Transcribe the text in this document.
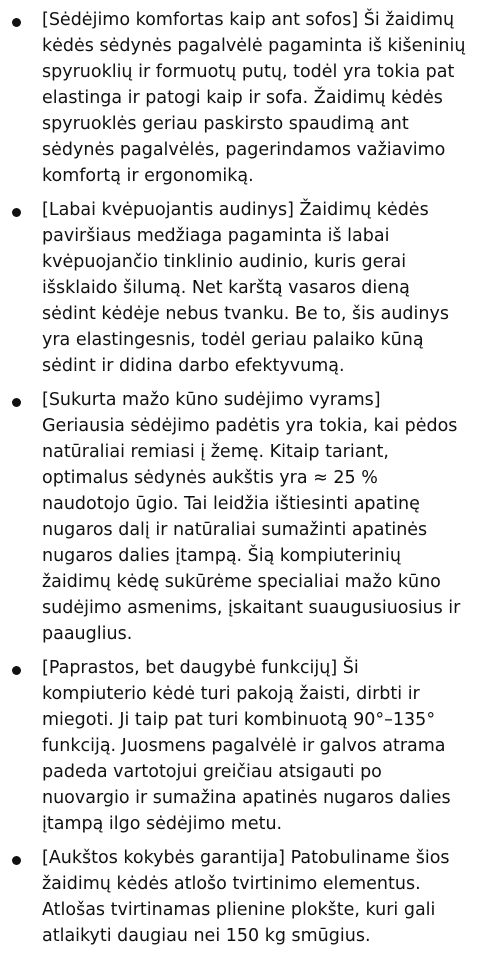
[Sėdėjimo komfortas kaip ant sofos] Ši žaidimų
kėdės sėdynės pagalvėlė pagaminta iš kišeninių
spyruoklių ir formuotų putų, todėl yra tokia pat
elastinga ir patogi kaip ir sofa. Žaidimų kėdės
spyruoklės geriau paskirsto spaudimą ant
sėdynės pagalvėlės, pagerindamos važiavimo
komfortą ir ergonomiką.
[Labai kvėpuojantis audinys] Žaidimų kėdės
paviršiaus medžiaga pagaminta iš labai
kvėpuojančio tinklinio audinio, kuris gerai
išsklaido šilumą. Net karštą vasaros dieną
sėdint kėdėje nebus tvanku. Be to, šis audinys
yra elastingesnis, todėl geriau palaiko kūną
sėdint ir didina darbo efektyvumą.
[Sukurta mažo kūno sudėjimo vyrams]
Geriausia sėdėjimo padėtis yra tokia, kai pėdos
natūraliai remiasi į žemę. Kitaip tariant,
optimalus sėdynės aukštis yra ≈ 25 %
naudotojo ūgio. Tai leidžia ištiesinti apatinę
nugaros dalį ir natūraliai sumažinti apatinės
nugaros dalies įtampą. Šią kompiuterinių
žaidimų kėdę sukūrėme specialiai mažo kūno
sudėjimo asmenims, įskaitant suaugusiuosius ir
paauglius.
[Paprastos, bet daugybė funkcijų] Ši
kompiuterio kėdė turi pakoją žaisti, dirbti ir
miegoti. Ji taip pat turi kombinuotą 90°–135°
funkciją. Juosmens pagalvėlė ir galvos atrama
padeda vartotojui greičiau atsigauti po
nuovargio ir sumažina apatinės nugaros dalies
įtampą ilgo sėdėjimo metu.
[Aukštos kokybės garantija] Patobuliname šios
žaidimų kėdės atlošo tvirtinimo elementus.
Atlošas tvirtinamas plienine plokšte, kuri gali
atlaikyti daugiau nei 150 kg smūgius.
